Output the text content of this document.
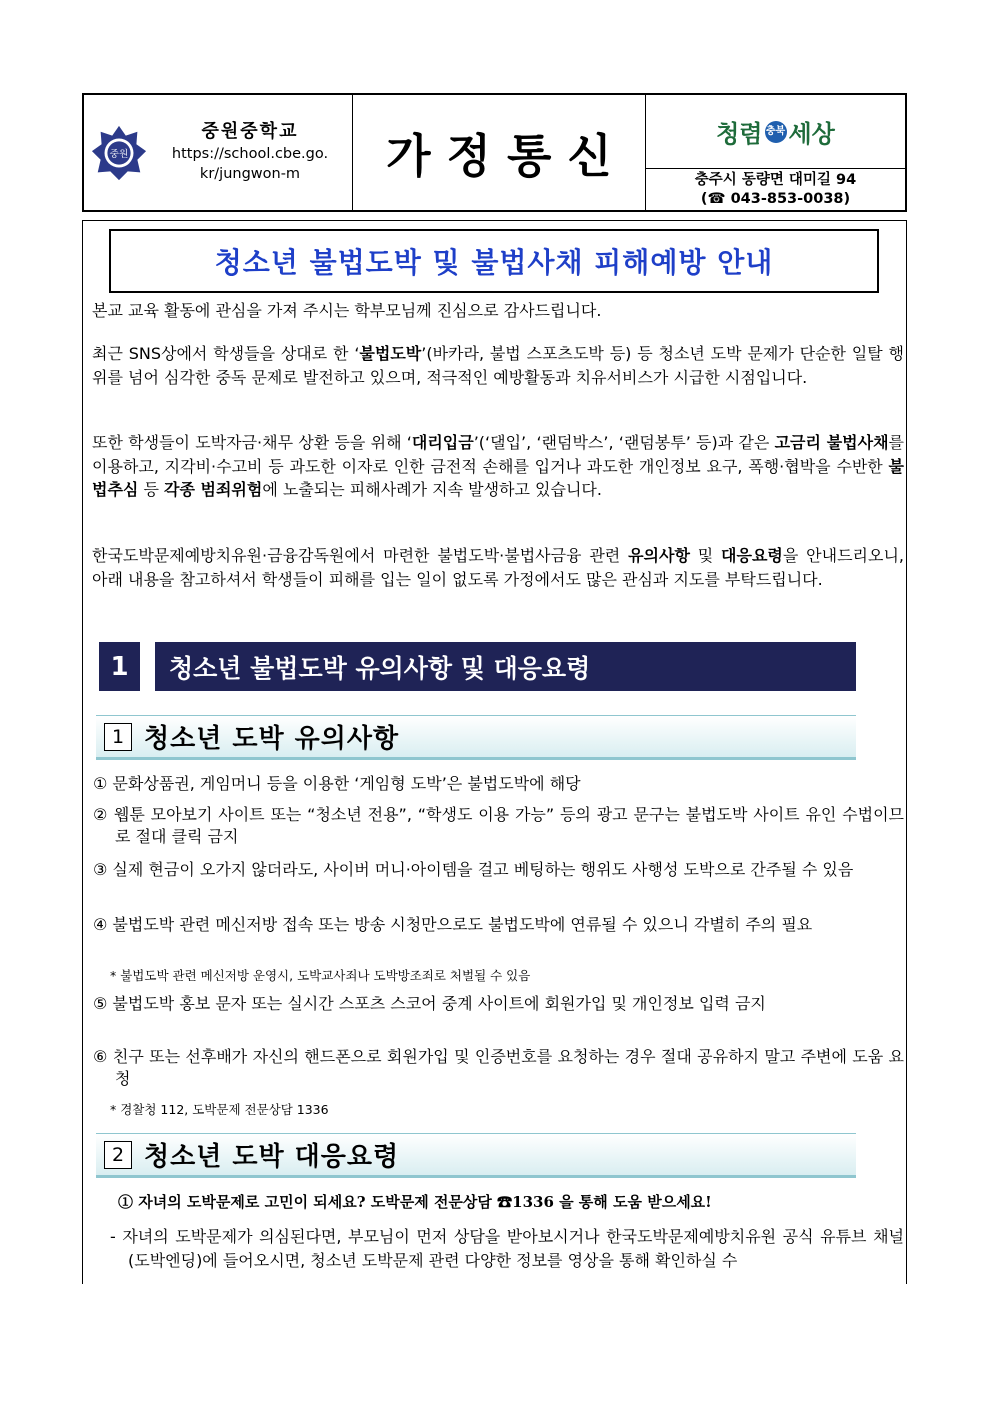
중원
중원중학교
https://school.cbe.go.
kr/jungwon-m	가정통신	청렴 충북 세상
충주시 동량면 대미길 94
(☎ 043-853-0038)
청소년 불법도박 및 불법사채 피해예방 안내
본교 교육 활동에 관심을 가져 주시는 학부모님께 진심으로 감사드립니다.
최근 SNS상에서 학생들을 상대로 한 ‘불법도박’(바카라, 불법 스포츠도박 등) 등 청소년 도박 문제가 단순한 일탈 행위를 넘어 심각한 중독 문제로 발전하고 있으며, 적극적인 예방활동과 치유서비스가 시급한 시점입니다.
또한 학생들이 도박자금·채무 상환 등을 위해 ‘대리입금’(‘댈입’, ‘랜덤박스’, ‘랜덤봉투’ 등)과 같은 고금리 불법사채를 이용하고, 지각비·수고비 등 과도한 이자로 인한 금전적 손해를 입거나 과도한 개인정보 요구, 폭행·협박을 수반한 불법추심 등 각종 범죄위험에 노출되는 피해사례가 지속 발생하고 있습니다.
한국도박문제예방치유원·금융감독원에서 마련한 불법도박·불법사금융 관련 유의사항 및 대응요령을 안내드리오니, 아래 내용을 참고하셔서 학생들이 피해를 입는 일이 없도록 가정에서도 많은 관심과 지도를 부탁드립니다.
1	청소년 불법도박 유의사항 및 대응요령
1 청소년 도박 유의사항
① 문화상품권, 게임머니 등을 이용한 ‘게임형 도박’은 불법도박에 해당
② 웹툰 모아보기 사이트 또는 “청소년 전용”, “학생도 이용 가능” 등의 광고 문구는 불법도박 사이트 유인 수법이므로 절대 클릭 금지
③ 실제 현금이 오가지 않더라도, 사이버 머니·아이템을 걸고 베팅하는 행위도 사행성 도박으로 간주될 수 있음
④ 불법도박 관련 메신저방 접속 또는 방송 시청만으로도 불법도박에 연류될 수 있으니 각별히 주의 필요
* 불법도박 관련 메신저방 운영시, 도박교사죄나 도박방조죄로 처벌될 수 있음
⑤ 불법도박 홍보 문자 또는 실시간 스포츠 스코어 중계 사이트에 회원가입 및 개인정보 입력 금지
⑥ 친구 또는 선후배가 자신의 핸드폰으로 회원가입 및 인증번호를 요청하는 경우 절대 공유하지 말고 주변에 도움 요청
* 경찰청 112, 도박문제 전문상담 1336
2 청소년 도박 대응요령
① 자녀의 도박문제로 고민이 되세요? 도박문제 전문상담 ☎1336 을 통해 도움 받으세요!
- 자녀의 도박문제가 의심된다면, 부모님이 먼저 상담을 받아보시거나 한국도박문제예방치유원 공식 유튜브 채널(도박엔딩)에 들어오시면, 청소년 도박문제 관련 다양한 정보를 영상을 통해 확인하실 수
